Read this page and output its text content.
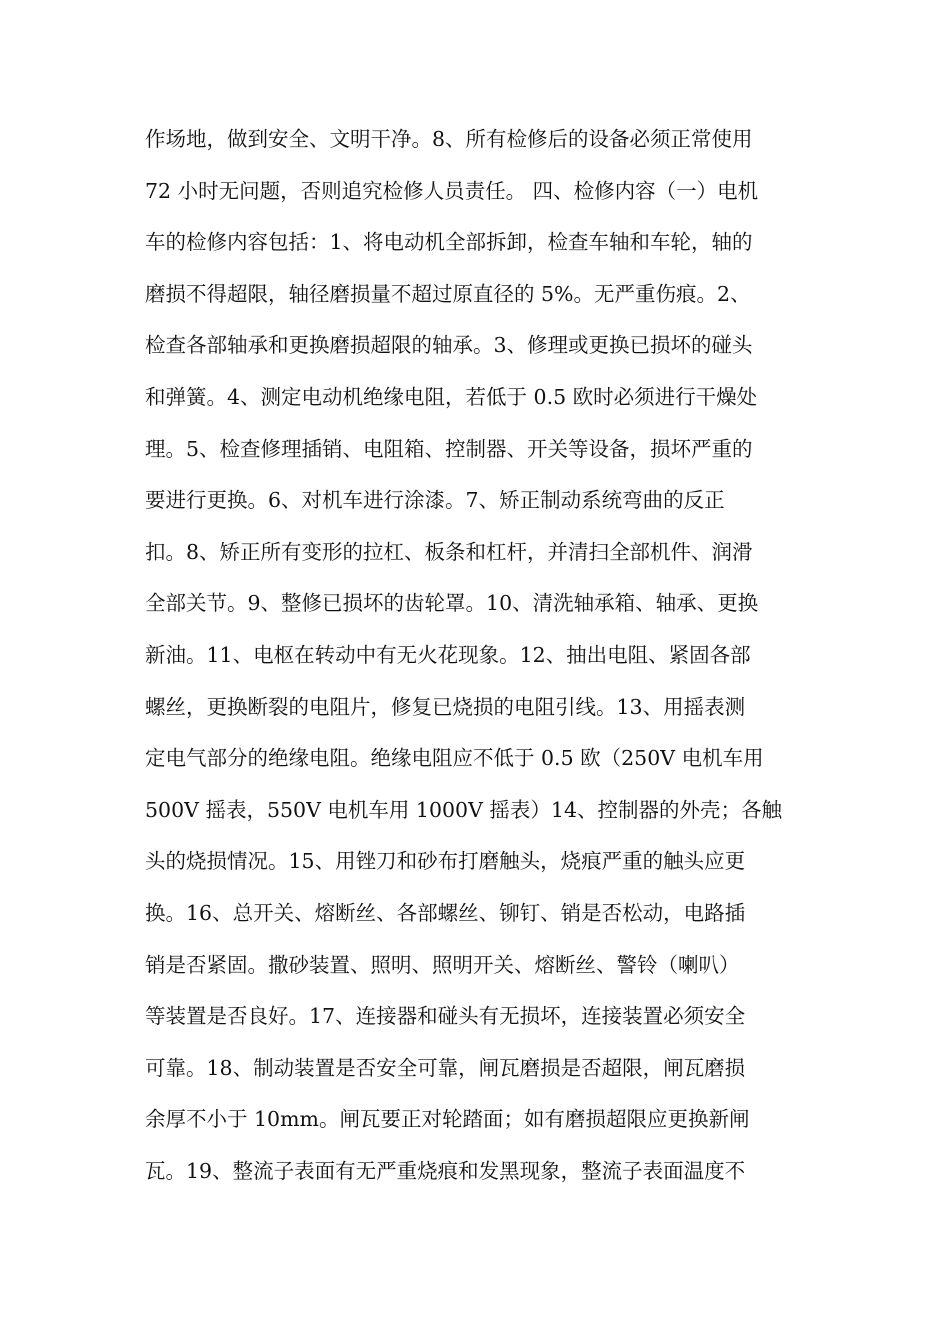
作场地，做到安全、文明干净。8、所有检修后的设备必须正常使用
72 小时无问题，否则追究检修人员责任。 四、检修内容（一）电机
车的检修内容包括：1、将电动机全部拆卸，检查车轴和车轮，轴的
磨损不得超限，轴径磨损量不超过原直径的 5%。无严重伤痕。2、
检查各部轴承和更换磨损超限的轴承。3、修理或更换已损坏的碰头
和弹簧。4、测定电动机绝缘电阻，若低于 0.5 欧时必须进行干燥处
理。5、检查修理插销、电阻箱、控制器、开关等设备，损坏严重的
要进行更换。6、对机车进行涂漆。7、矫正制动系统弯曲的反正
扣。8、矫正所有变形的拉杠、板条和杠杆，并清扫全部机件、润滑
全部关节。9、整修已损坏的齿轮罩。10、清洗轴承箱、轴承、更换
新油。11、电枢在转动中有无火花现象。12、抽出电阻、紧固各部
螺丝，更换断裂的电阻片，修复已烧损的电阻引线。13、用摇表测
定电气部分的绝缘电阻。绝缘电阻应不低于 0.5 欧（250V 电机车用
500V 摇表，550V 电机车用 1000V 摇表）14、控制器的外壳；各触
头的烧损情况。15、用锉刀和砂布打磨触头，烧痕严重的触头应更
换。16、总开关、熔断丝、各部螺丝、铆钉、销是否松动，电路插
销是否紧固。撒砂装置、照明、照明开关、熔断丝、警铃（喇叭）
等装置是否良好。17、连接器和碰头有无损坏，连接装置必须安全
可靠。18、制动装置是否安全可靠，闸瓦磨损是否超限，闸瓦磨损
余厚不小于 10mm。闸瓦要正对轮踏面；如有磨损超限应更换新闸
瓦。19、整流子表面有无严重烧痕和发黑现象，整流子表面温度不
